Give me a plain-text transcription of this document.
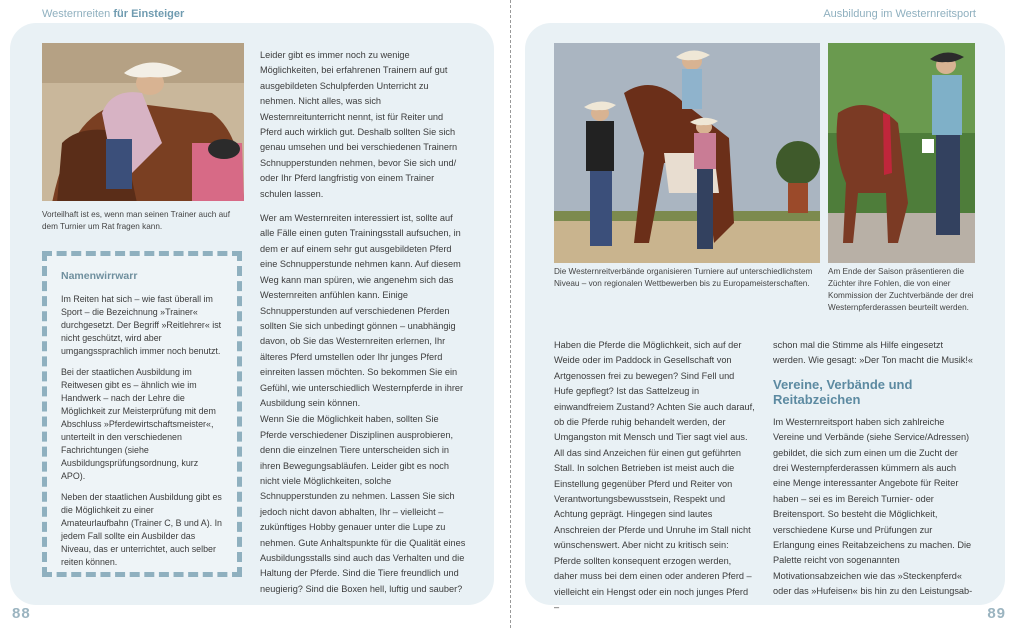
Westernreiten für Einsteiger	Ausbildung im Westernreitsport
Vorteilhaft ist es, wenn man seinen Trainer auch auf dem Turnier um Rat fragen kann.
Namenwirrwarr

Im Reiten hat sich – wie fast überall im Sport – die Bezeichnung »Trainer« durchgesetzt. Der Begriff »Reitlehrer« ist nicht geschützt, wird aber umgangssprachlich immer noch benutzt.

Bei der staatlichen Ausbildung im Reitwesen gibt es – ähnlich wie im Handwerk – nach der Lehre die Möglichkeit zur Meisterprüfung mit dem Abschluss »Pferdewirtschaftsmeister«, unterteilt in den verschiedenen Fachrichtungen (siehe Ausbildungsprüfungsordnung, kurz APO).

Neben der staatlichen Ausbildung gibt es die Möglichkeit zu einer Amateurlaufbahn (Trainer C, B und A). In jedem Fall sollte ein Ausbilder das Niveau, das er unterrichtet, auch selber reiten können.

Leider gibt es immer noch zu wenige Möglichkeiten, bei erfahrenen Trainern auf gut ausgebildeten Schulpferden Unterricht zu nehmen. Nicht alles, was sich Westernreitunterricht nennt, ist für Reiter und Pferd auch wirklich gut. Deshalb sollten Sie sich genau umsehen und bei verschiedenen Trainern Schnupperstunden nehmen, bevor Sie sich und/ oder Ihr Pferd langfristig von einem Trainer schulen lassen.

Wer am Westernreiten interessiert ist, sollte auf alle Fälle einen guten Trainingsstall aufsuchen, in dem er auf einem sehr gut ausgebildeten Pferd eine Schnupperstunde nehmen kann. Auf diesem Weg kann man spüren, wie angenehm sich das Westernreiten anfühlen kann. Einige Schnupperstunden auf verschiedenen Pferden sollten Sie sich unbedingt gönnen – unabhängig davon, ob Sie das Westernreiten erlernen, Ihr älteres Pferd umstellen oder Ihr junges Pferd einreiten lassen möchten. So bekommen Sie ein Gefühl, wie unterschiedlich Westernpferde in ihrer Ausbildung sein können.

Wenn Sie die Möglichkeit haben, sollten Sie Pferde verschiedener Disziplinen ausprobieren, denn die einzelnen Tiere unterscheiden sich in ihren Bewegungsabläufen. Leider gibt es noch nicht viele Möglichkeiten, solche Schnupperstunden zu nehmen. Lassen Sie sich jedoch nicht davon abhalten, Ihr – vielleicht – zukünftiges Hobby genauer unter die Lupe zu nehmen. Gute Anhaltspunkte für die Qualität eines Ausbildungsstalls sind auch das Verhalten und die Haltung der Pferde. Sind die Tiere freundlich und neugierig? Sind die Boxen hell, luftig und sauber?

88
Die Westernreitverbände organisieren Turniere auf unterschiedlichstem Niveau – von regionalen Wettbewerben bis zu Europameisterschaften.
Am Ende der Saison präsentieren die Züchter ihre Fohlen, die von einer Kommission der Zuchtverbände der drei Westernpferderassen beurteilt werden.

Haben die Pferde die Möglichkeit, sich auf der Weide oder im Paddock in Gesellschaft von Artgenossen frei zu bewegen? Sind Fell und Hufe gepflegt? Ist das Sattelzeug in einwandfreiem Zustand? Achten Sie auch darauf, ob die Pferde ruhig behandelt werden, der Umgangston mit Mensch und Tier sagt viel aus. All das sind Anzeichen für einen gut geführten Stall. In solchen Betrieben ist meist auch die Einstellung gegenüber Pferd und Reiter von Verantwortungsbewusstsein, Respekt und Achtung geprägt. Hingegen sind lautes Anschreien der Pferde und Unruhe im Stall nicht wünschenswert. Aber nicht zu kritisch sein: Pferde sollten konsequent erzogen werden, daher muss bei dem einen oder anderen Pferd – vielleicht ein Hengst oder ein noch junges Pferd –

schon mal die Stimme als Hilfe eingesetzt werden. Wie gesagt: »Der Ton macht die Musik!«

Vereine, Verbände und Reitabzeichen

Im Westernreitsport haben sich zahlreiche Vereine und Verbände (siehe Service/Adressen) gebildet, die sich zum einen um die Zucht der drei Westernpferderassen kümmern als auch eine Menge interessanter Angebote für Reiter haben – sei es im Bereich Turnier- oder Breitensport. So besteht die Möglichkeit, verschiedene Kurse und Prüfungen zur Erlangung eines Reitabzeichens zu machen. Die Palette reicht von sogenannten Motivationsabzeichen wie das »Steckenpferd« oder das »Hufeisen« bis hin zu den Leistungsab-

89
